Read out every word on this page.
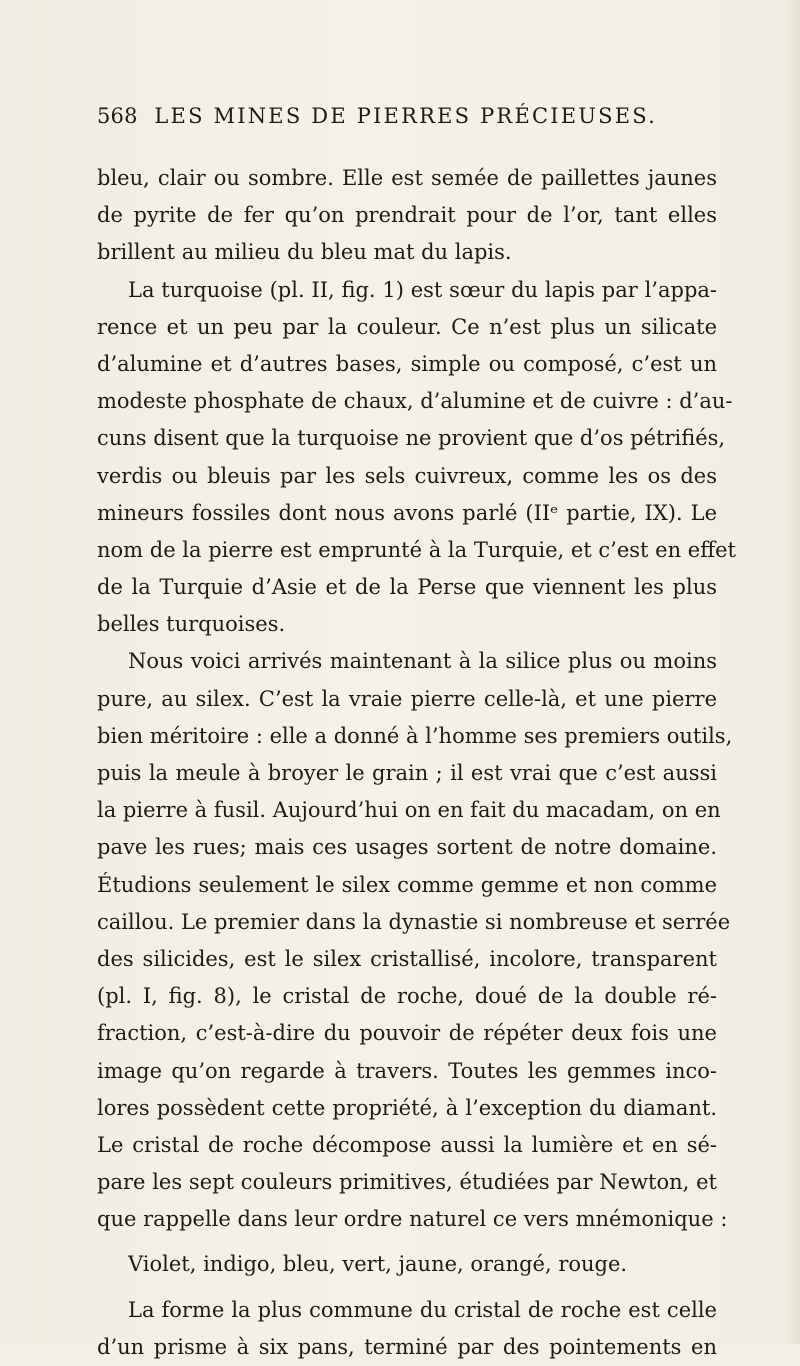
568 LES MINES DE PIERRES PRÉCIEUSES.
bleu, clair ou sombre. Elle est semée de paillettes jaunes
de pyrite de fer qu’on prendrait pour de l’or, tant elles
brillent au milieu du bleu mat du lapis.
La turquoise (pl. II, fig. 1) est sœur du lapis par l’appa-
rence et un peu par la couleur. Ce n’est plus un silicate
d’alumine et d’autres bases, simple ou composé, c’est un
modeste phosphate de chaux, d’alumine et de cuivre : d’au-
cuns disent que la turquoise ne provient que d’os pétrifiés,
verdis ou bleuis par les sels cuivreux, comme les os des
mineurs fossiles dont nous avons parlé (IIᵉ partie, IX). Le
nom de la pierre est emprunté à la Turquie, et c’est en effet
de la Turquie d’Asie et de la Perse que viennent les plus
belles turquoises.
Nous voici arrivés maintenant à la silice plus ou moins
pure, au silex. C’est la vraie pierre celle-là, et une pierre
bien méritoire : elle a donné à l’homme ses premiers outils,
puis la meule à broyer le grain ; il est vrai que c’est aussi
la pierre à fusil. Aujourd’hui on en fait du macadam, on en
pave les rues; mais ces usages sortent de notre domaine.
Étudions seulement le silex comme gemme et non comme
caillou. Le premier dans la dynastie si nombreuse et serrée
des silicides, est le silex cristallisé, incolore, transparent
(pl. I, fig. 8), le cristal de roche, doué de la double ré-
fraction, c’est-à-dire du pouvoir de répéter deux fois une
image qu’on regarde à travers. Toutes les gemmes inco-
lores possèdent cette propriété, à l’exception du diamant.
Le cristal de roche décompose aussi la lumière et en sé-
pare les sept couleurs primitives, étudiées par Newton, et
que rappelle dans leur ordre naturel ce vers mnémonique :
Violet, indigo, bleu, vert, jaune, orangé, rouge.
La forme la plus commune du cristal de roche est celle
d’un prisme à six pans, terminé par des pointements en
